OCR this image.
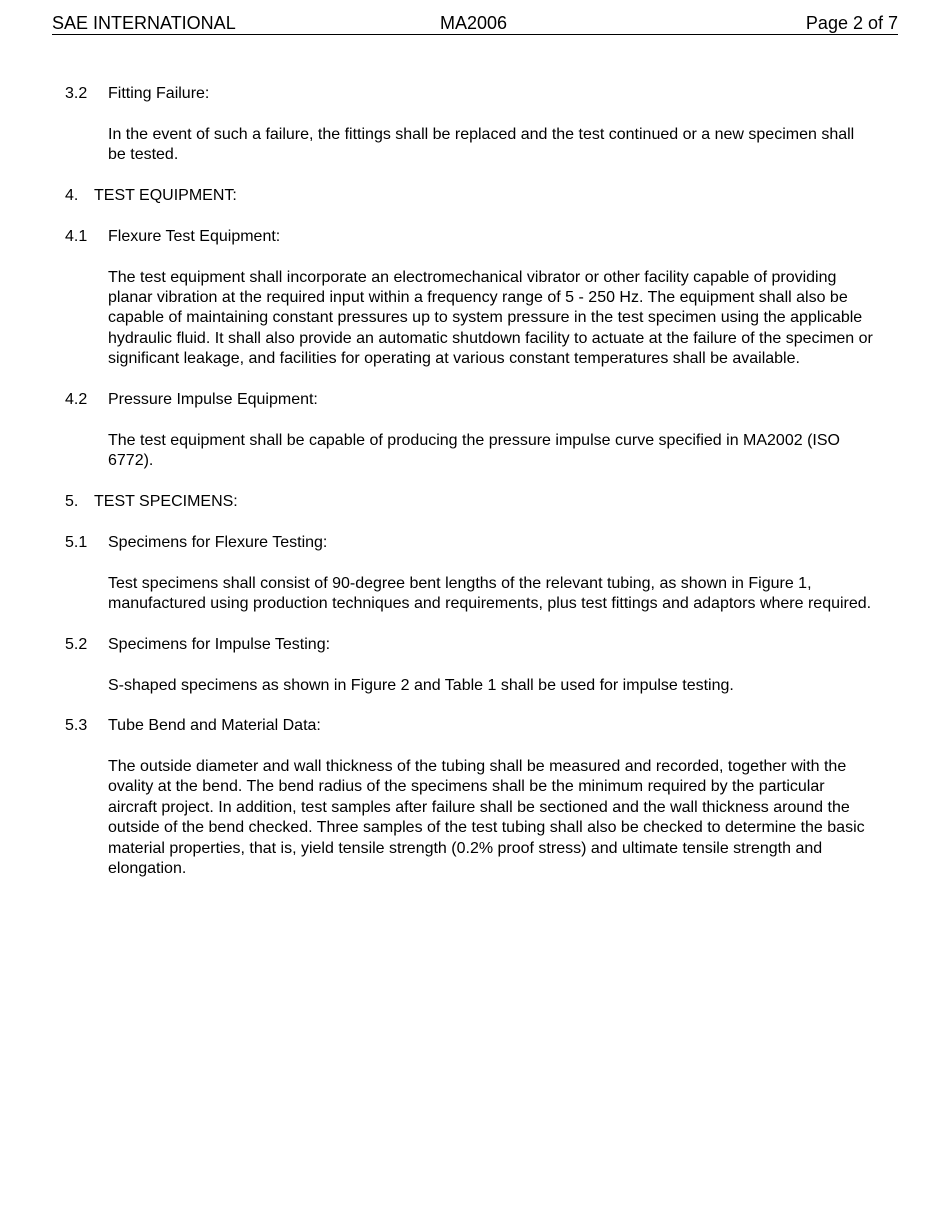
SAE INTERNATIONAL	MA2006	Page 2 of 7
3.2 Fitting Failure:
In the event of such a failure, the fittings shall be replaced and the test continued or a new specimen shall be tested.
4. TEST EQUIPMENT:
4.1 Flexure Test Equipment:
The test equipment shall incorporate an electromechanical vibrator or other facility capable of providing planar vibration at the required input within a frequency range of 5 - 250 Hz. The equipment shall also be capable of maintaining constant pressures up to system pressure in the test specimen using the applicable hydraulic fluid. It shall also provide an automatic shutdown facility to actuate at the failure of the specimen or significant leakage, and facilities for operating at various constant temperatures shall be available.
4.2 Pressure Impulse Equipment:
The test equipment shall be capable of producing the pressure impulse curve specified in MA2002 (ISO 6772).
5. TEST SPECIMENS:
5.1 Specimens for Flexure Testing:
Test specimens shall consist of 90-degree bent lengths of the relevant tubing, as shown in Figure 1, manufactured using production techniques and requirements, plus test fittings and adaptors where required.
5.2 Specimens for Impulse Testing:
S-shaped specimens as shown in Figure 2 and Table 1 shall be used for impulse testing.
5.3 Tube Bend and Material Data:
The outside diameter and wall thickness of the tubing shall be measured and recorded, together with the ovality at the bend. The bend radius of the specimens shall be the minimum required by the particular aircraft project. In addition, test samples after failure shall be sectioned and the wall thickness around the outside of the bend checked. Three samples of the test tubing shall also be checked to determine the basic material properties, that is, yield tensile strength (0.2% proof stress) and ultimate tensile strength and elongation.
